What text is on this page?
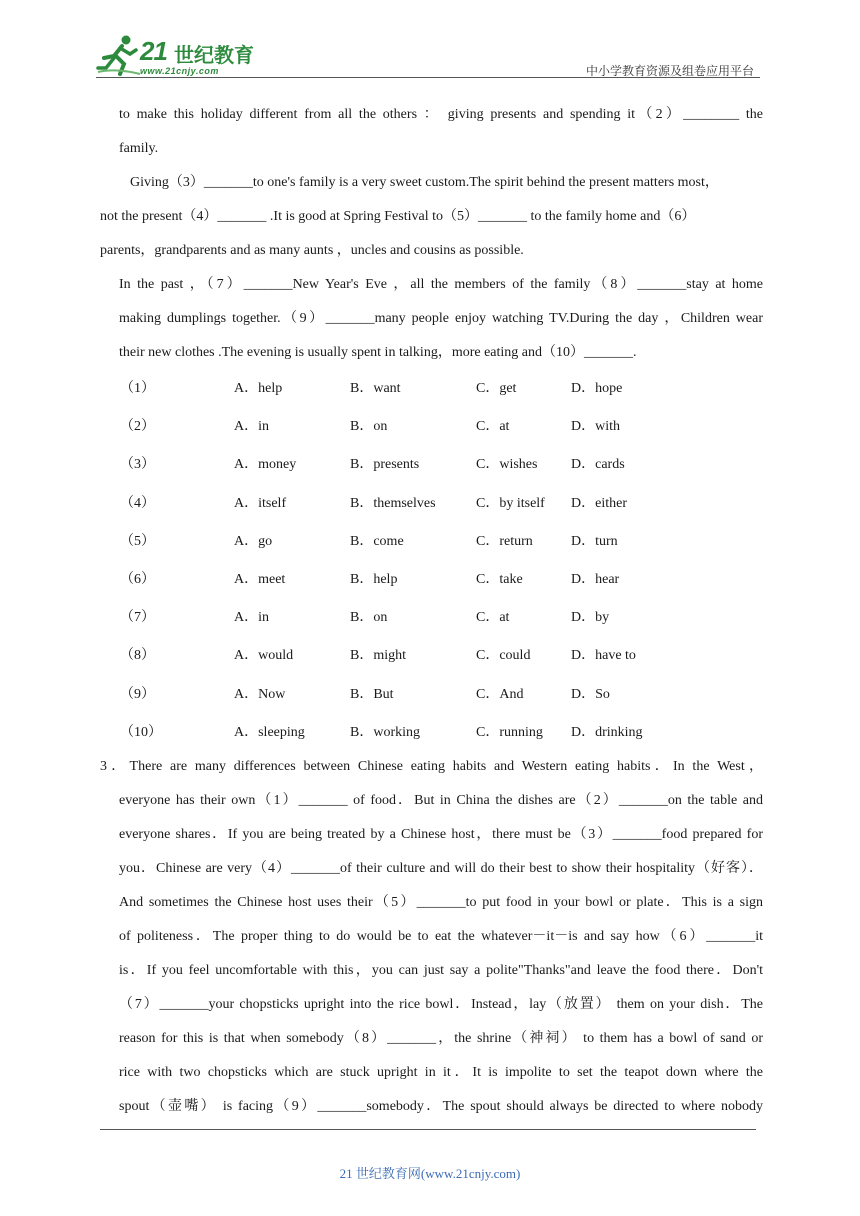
21 世纪教育
www.21cnjy.com	中小学教育资源及组卷应用平台
to make this holiday different from all the others ： giving presents and spending it（2）________ the
family.
Giving（3）_______to one's family is a very sweet custom.The spirit behind the present matters most，
not the present（4）_______ .It is good at Spring Festival to（5）_______ to the family home and（6）
parents，grandparents and as many aunts ，uncles and cousins as possible.
In the past ，（7）_______New Year's Eve ，all the members of the family（8）_______stay at home
making dumplings together.（9）_______many people enjoy watching TV.During the day ，Children wear
their new clothes .The evening is usually spent in talking，more eating and（10）_______.
（1）	A．help	B．want	C．get	D．hope
（2）	A．in	B．on	C．at	D．with
（3）	A．money	B．presents	C．wishes D．cards
（4）	A．itself	B．themselves	C．by itself D．either
（5）	A．go	B．come	C．return	D．turn
（6）	A．meet	B．help	C．take	D．hear
（7）	A．in	B．on	C．at	D．by
（8）	A．would	B．might	C．could	D．have to
（9）	A．Now	B．But	C．And	D．So
（10）	A．sleeping	B．working	C．running D．drinking
3．There are many differences between Chinese eating habits and Western eating habits．In the West，
everyone has their own（1）_______ of food．But in China the dishes are（2）_______on the table and
everyone shares．If you are being treated by a Chinese host，there must be（3）_______food prepared for
you．Chinese are very（4）_______of their culture and will do their best to show their hospitality（好客）．
And sometimes the Chinese host uses their（5）_______to put food in your bowl or plate．This is a sign
of politeness．The proper thing to do would be to eat the whatever－it－is and say how（6）_______it
is．If you feel uncomfortable with this，you can just say a polite"Thanks"and leave the food there．Don't
（7）_______your chopsticks upright into the rice bowl．Instead，lay（放置） them on your dish．The
reason for this is that when somebody（8）_______，the shrine（神祠） to them has a bowl of sand or
rice with two chopsticks which are stuck upright in it．It is impolite to set the teapot down where the
spout（壶嘴） is facing（9）_______somebody．The spout should always be directed to where nobody
21 世纪教育网(www.21cnjy.com)
